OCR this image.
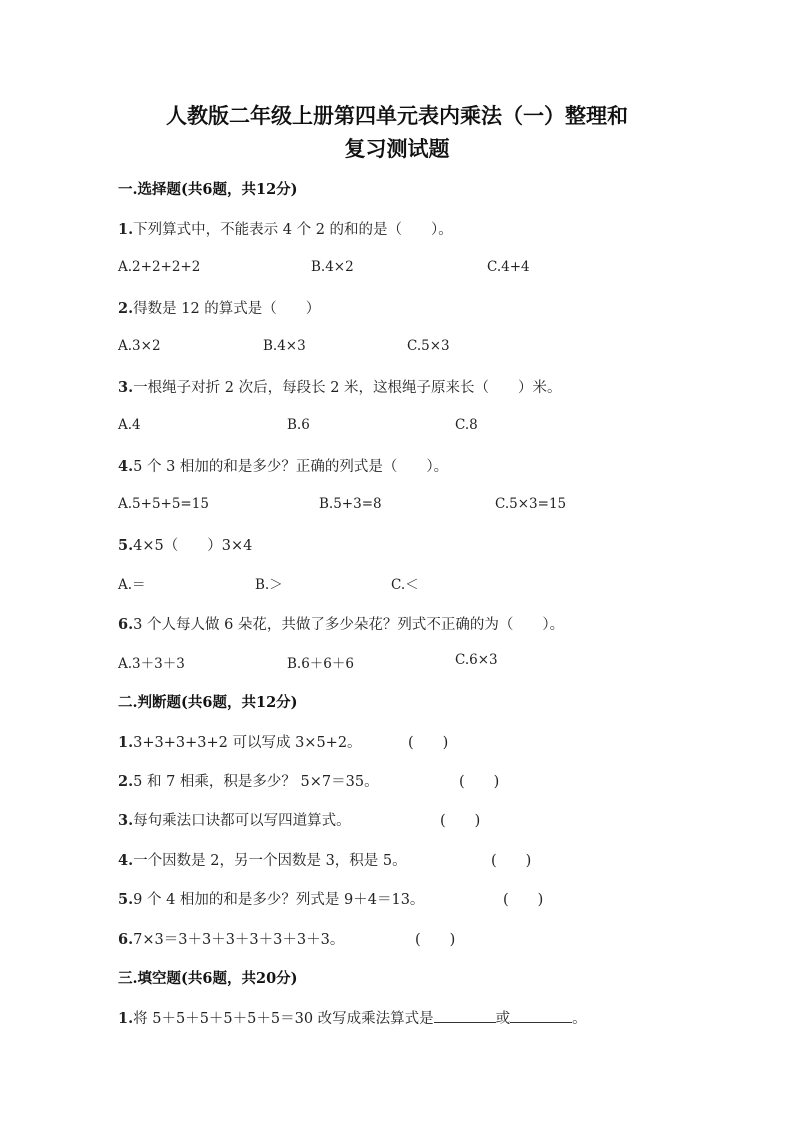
人教版二年级上册第四单元表内乘法（一）整理和
复习测试题
一.选择题(共6题，共12分)
1.下列算式中，不能表示 4 个 2 的和的是（　　）。
A.2+2+2+2	B.4×2	C.4+4
2.得数是 12 的算式是（　　）
A.3×2	B.4×3	C.5×3
3.一根绳子对折 2 次后，每段长 2 米，这根绳子原来长（　　）米。
A.4	B.6	C.8
4.5 个 3 相加的和是多少？正确的列式是（　　）。
A.5+5+5=15	B.5+3=8	C.5×3=15
5.4×5（　　）3×4
A.＝	B.＞	C.＜
6.3 个人每人做 6 朵花，共做了多少朵花？列式不正确的为（　　）。
A.3＋3＋3	B.6＋6＋6	C.6×3
二.判断题(共6题，共12分)
1.3+3+3+3+2 可以写成 3×5+2。	(　　)
2.5 和 7 相乘，积是多少？ 5×7＝35。	(　　)
3.每句乘法口诀都可以写四道算式。	(　　)
4.一个因数是 2，另一个因数是 3，积是 5。	(　　)
5.9 个 4 相加的和是多少？列式是 9＋4＝13。	(　　)
6.7×3＝3＋3＋3＋3＋3＋3＋3。	(　　)
三.填空题(共6题，共20分)
1.将 5＋5＋5＋5＋5＋5＝30 改写成乘法算式是	或	。
